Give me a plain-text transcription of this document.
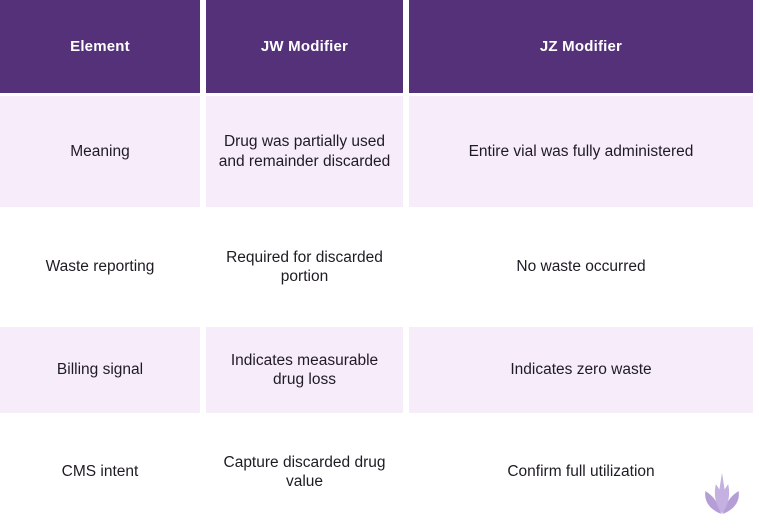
Element	JW Modifier	JZ Modifier
Meaning
Drug was partially used and remainder discarded
Entire vial was fully administered
Waste reporting
Required for discarded portion
No waste occurred
Billing signal
Indicates measurable drug loss
Indicates zero waste
CMS intent
Capture discarded drug value
Confirm full utilization
